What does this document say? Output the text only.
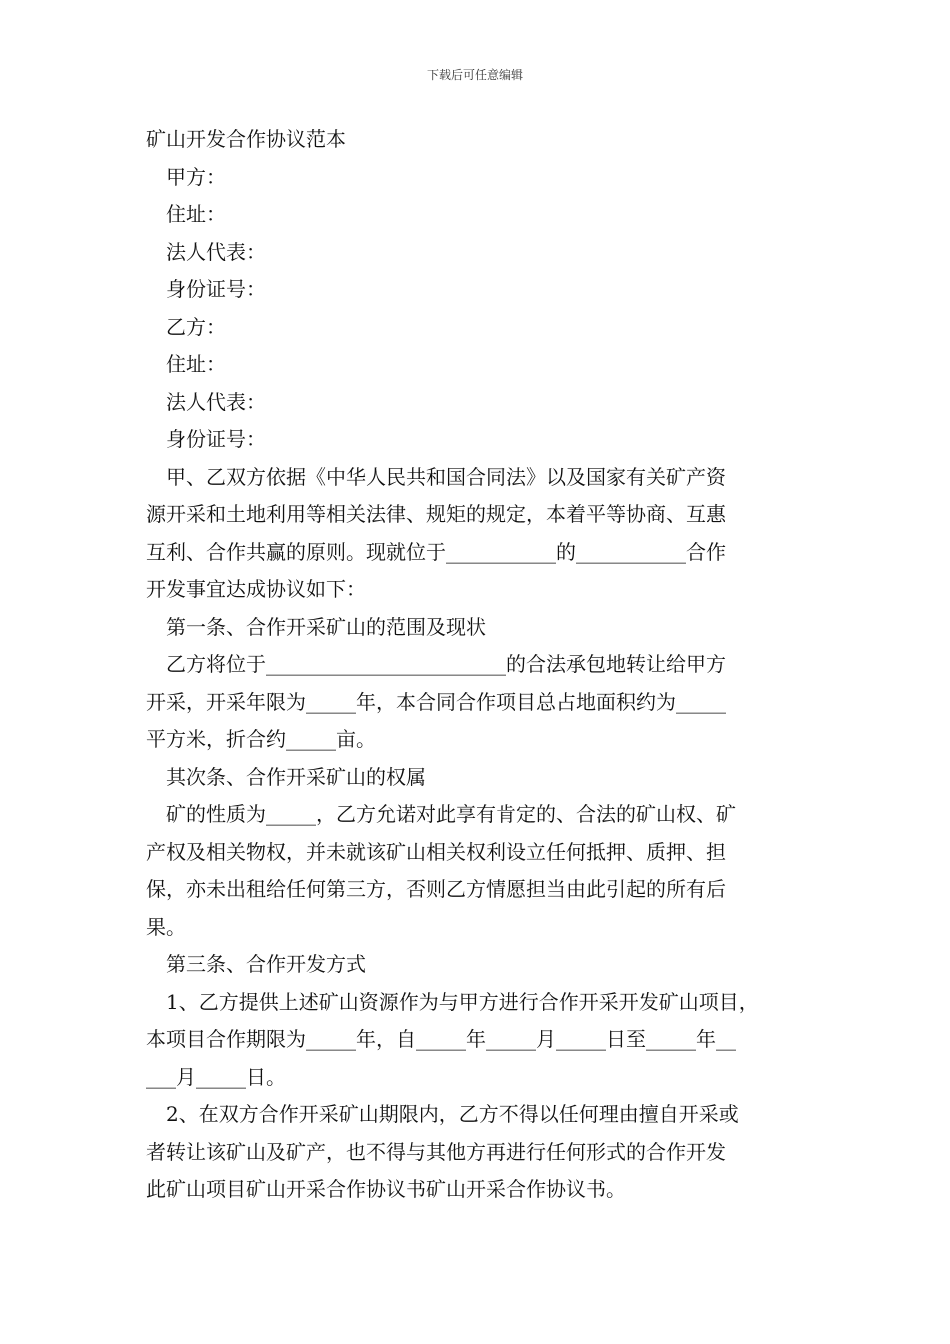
下载后可任意编辑
矿山开发合作协议范本
甲方：
住址：
法人代表：
身份证号：
乙方：
住址：
法人代表：
身份证号：
甲、乙双方依据《中华人民共和国合同法》以及国家有关矿产资
源开采和土地利用等相关法律、规矩的规定，本着平等协商、互惠
互利、合作共赢的原则。现就位于___________的___________合作
开发事宜达成协议如下：
第一条、合作开采矿山的范围及现状
乙方将位于________________________的合法承包地转让给甲方
开采，开采年限为_____年，本合同合作项目总占地面积约为_____
平方米，折合约_____亩。
其次条、合作开采矿山的权属
矿的性质为_____，乙方允诺对此享有肯定的、合法的矿山权、矿
产权及相关物权，并未就该矿山相关权利设立任何抵押、质押、担
保，亦未出租给任何第三方，否则乙方情愿担当由此引起的所有后
果。
第三条、合作开发方式
1、乙方提供上述矿山资源作为与甲方进行合作开采开发矿山项目，
本项目合作期限为_____年，自_____年_____月_____日至_____年__
___月_____日。
2、在双方合作开采矿山期限内，乙方不得以任何理由擅自开采或
者转让该矿山及矿产，也不得与其他方再进行任何形式的合作开发
此矿山项目矿山开采合作协议书矿山开采合作协议书。
